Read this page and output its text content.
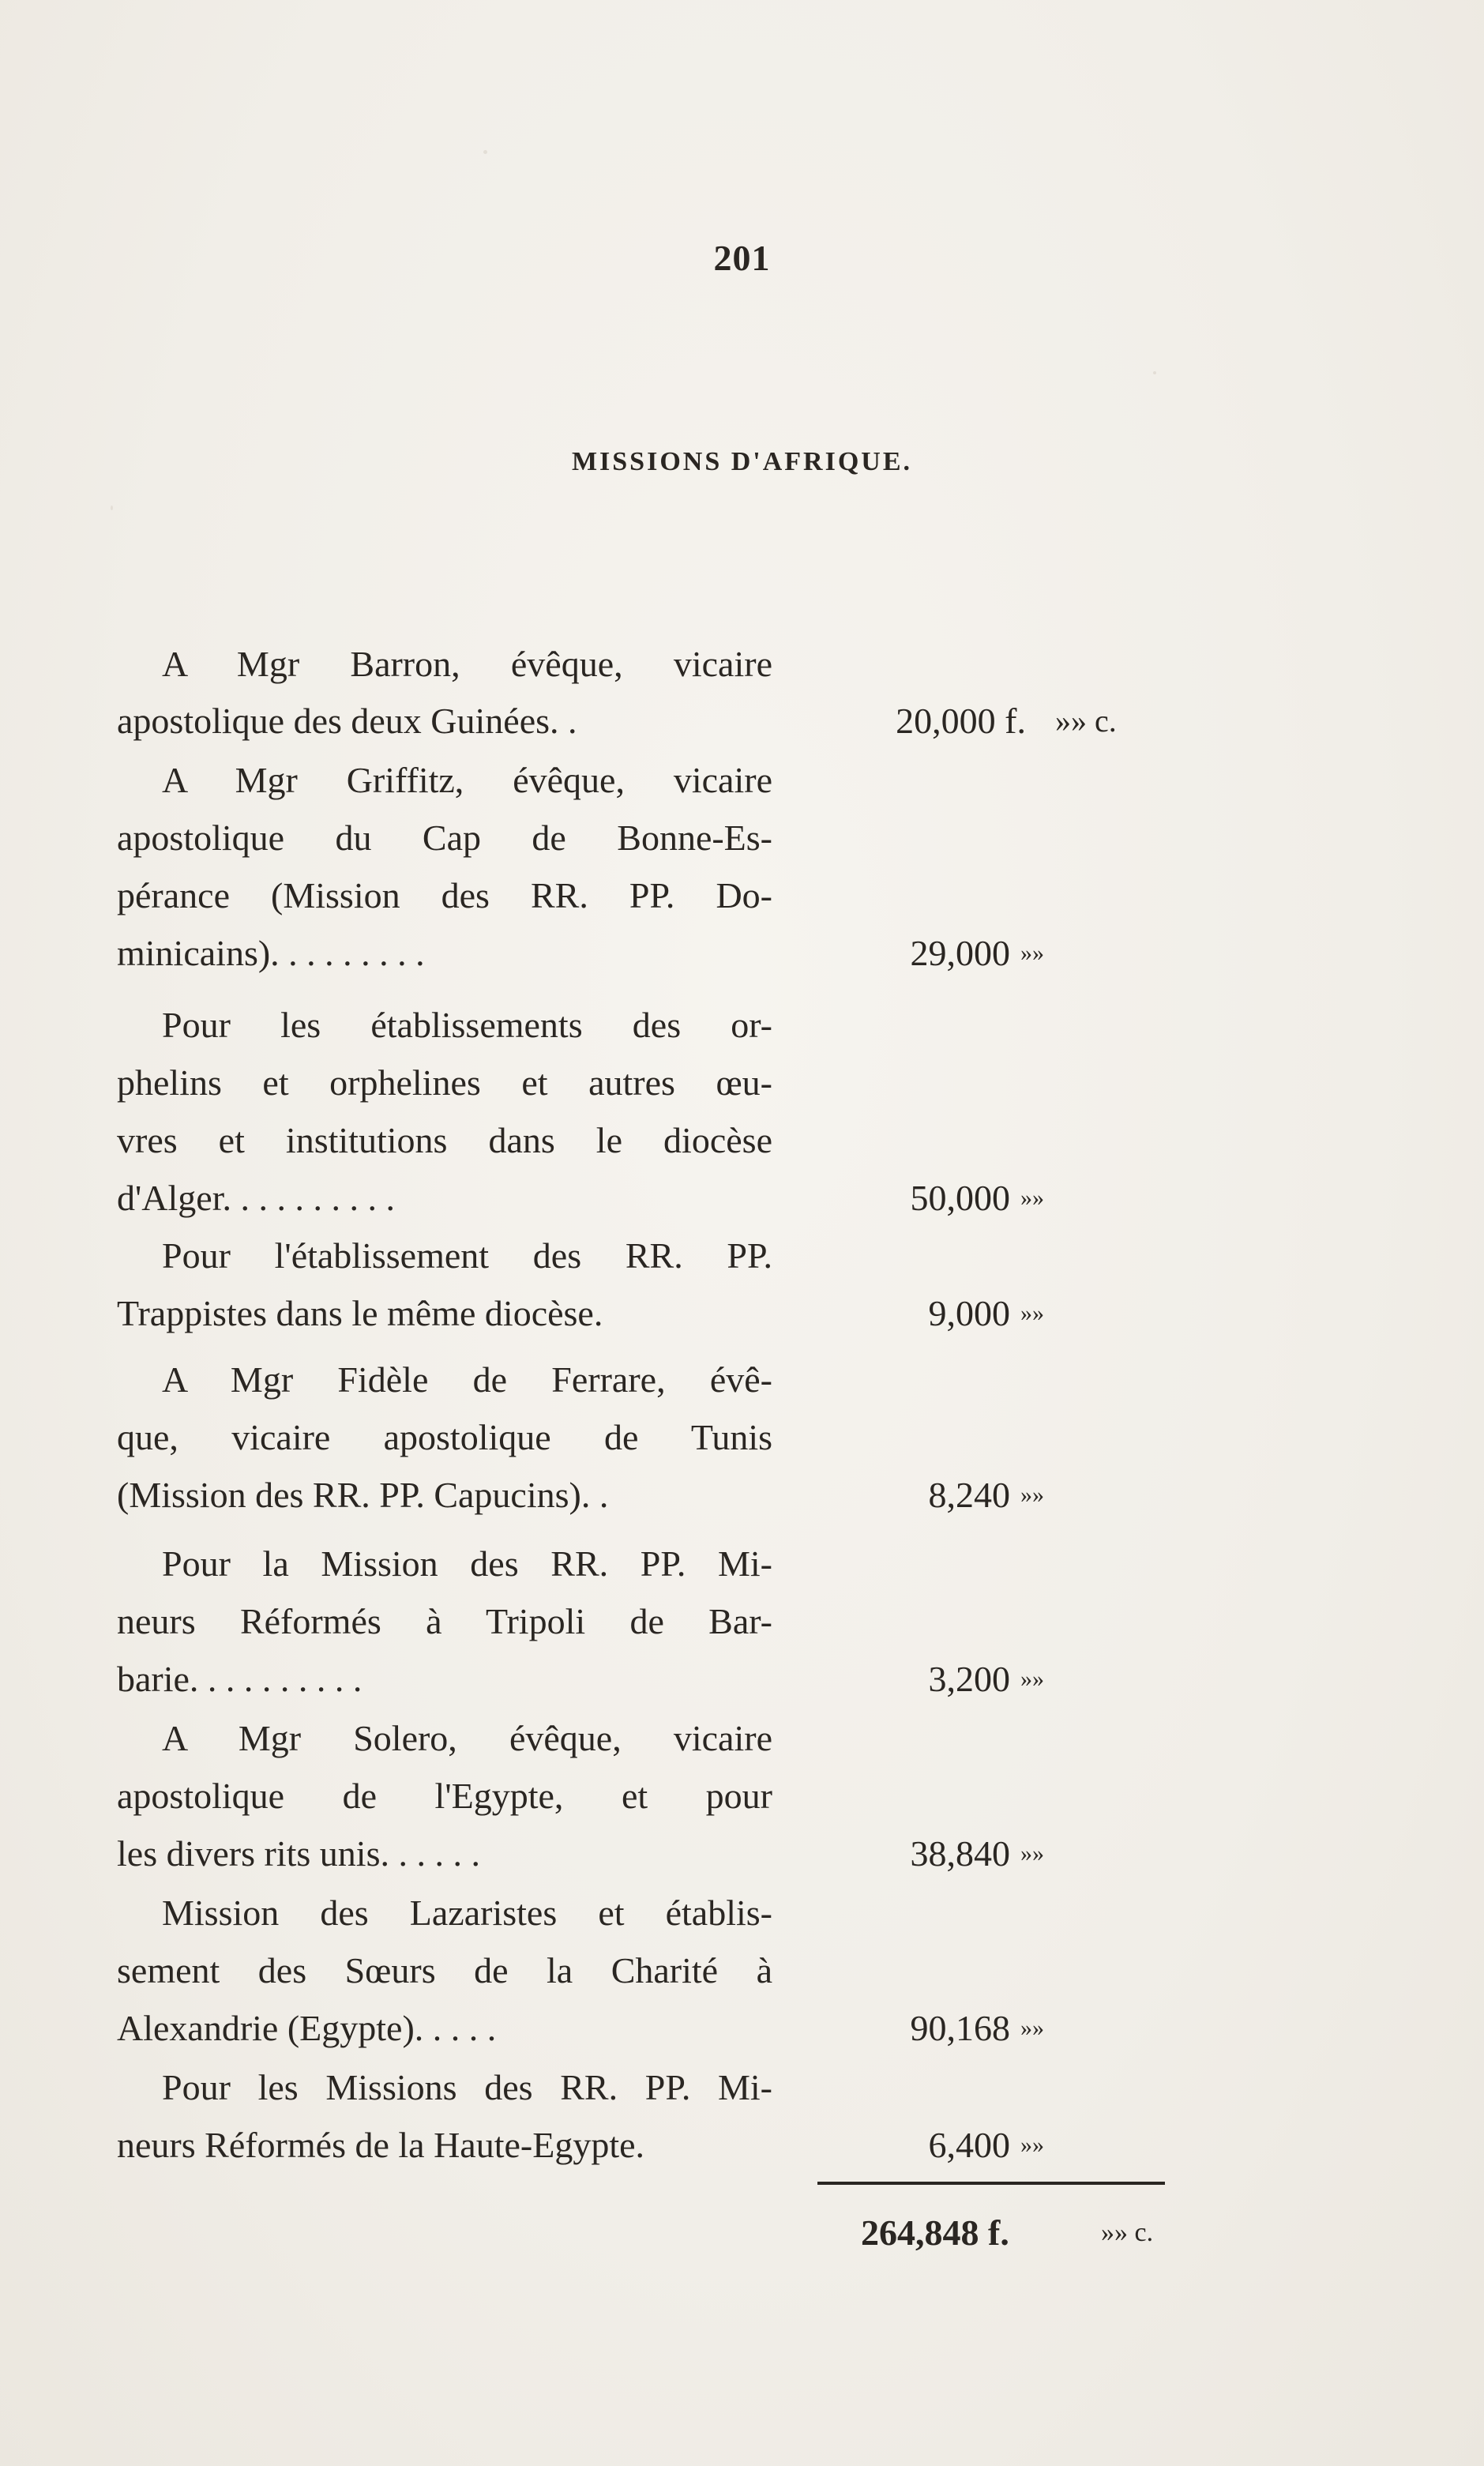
201
MISSIONS D'AFRIQUE.
A Mgr Barron, évêque, vicaire
apostolique des deux Guinées. .	20,000 f. »» c.
A Mgr Griffitz, évêque, vicaire
apostolique du Cap de Bonne-Es-
pérance (Mission des RR. PP. Do-
minicains). . . . . . . . .	29,000 »»
Pour les établissements des or-
phelins et orphelines et autres œu-
vres et institutions dans le diocèse
d'Alger. . . . . . . . . .	50,000 »»
Pour l'établissement des RR. PP.
Trappistes dans le même diocèse.	9,000 »»
A Mgr Fidèle de Ferrare, évê-
que, vicaire apostolique de Tunis
(Mission des RR. PP. Capucins). .	8,240 »»
Pour la Mission des RR. PP. Mi-
neurs Réformés à Tripoli de Bar-
barie. . . . . . . . . .	3,200 »»
A Mgr Solero, évêque, vicaire
apostolique de l'Egypte, et pour
les divers rits unis. . . . . .	38,840 »»
Mission des Lazaristes et établis-
sement des Sœurs de la Charité à
Alexandrie (Egypte). . . . .	90,168 »»
Pour les Missions des RR. PP. Mi-
neurs Réformés de la Haute-Egypte.	6,400 »»
264,848 f.	»» c.
